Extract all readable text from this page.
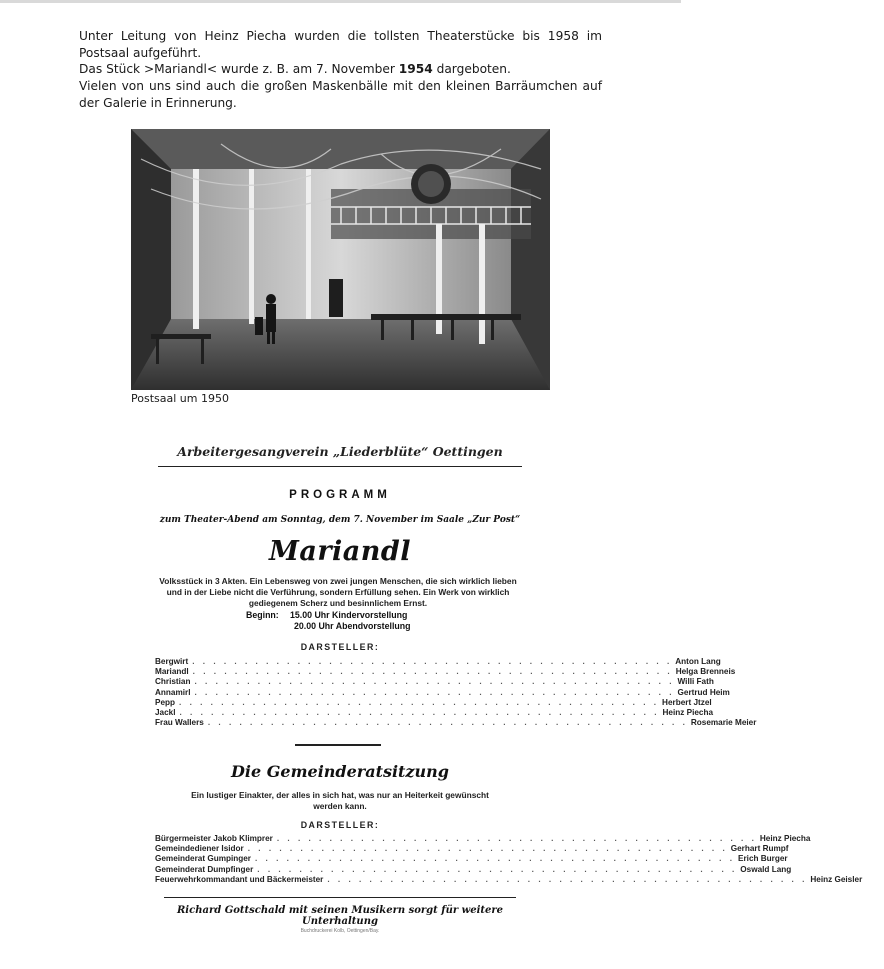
Unter Leitung von Heinz Piecha wurden die tollsten Theaterstücke bis 1958 im Postsaal aufgeführt.

Das Stück >Mariandl< wurde z. B. am 7. November 1954 dargeboten.

Vielen von uns sind auch die großen Maskenbälle mit den kleinen Barräumchen auf der Galerie in Erinnerung.

Postsaal um 1950
Arbeitergesangverein „Liederblüte“ Oettingen
PROGRAMM
zum Theater-Abend am Sonntag, dem 7. November im Saale „Zur Post“
Mariandl
Volksstück in 3 Akten. Ein Lebensweg von zwei jungen Menschen, die sich wirklich lieben und in der Liebe nicht die Verführung, sondern Erfüllung sehen. Ein Werk von wirklich gediegenem Scherz und besinnlichem Ernst.
Beginn: 15.00 Uhr Kindervorstellung
20.00 Uhr Abendvorstellung
DARSTELLER:
Bergwirt . . . . . . . . . . . . . . . . . . . . . . . . . . . . . . . . . . . . . . . . . . . . . . Anton Lang
Mariandl . . . . . . . . . . . . . . . . . . . . . . . . . . . . . . . . . . . . . . . . . . . . . . Helga Brenneis
Christian . . . . . . . . . . . . . . . . . . . . . . . . . . . . . . . . . . . . . . . . . . . . . . Willi Fath
Annamirl . . . . . . . . . . . . . . . . . . . . . . . . . . . . . . . . . . . . . . . . . . . . . . Gertrud Heim
Pepp . . . . . . . . . . . . . . . . . . . . . . . . . . . . . . . . . . . . . . . . . . . . . . Herbert Jtzel
Jackl . . . . . . . . . . . . . . . . . . . . . . . . . . . . . . . . . . . . . . . . . . . . . . Heinz Piecha
Frau Wallers . . . . . . . . . . . . . . . . . . . . . . . . . . . . . . . . . . . . . . . . . . . . . . Rosemarie Meier
Die Gemeinderatsitzung
Ein lustiger Einakter, der alles in sich hat, was nur an Heiterkeit gewünscht werden kann.
DARSTELLER:
Bürgermeister Jakob Klimprer . . . . . . . . . . . . . . . . . . . . . . . . . . . . . . . . . . . . . . . . . . . . . . Heinz Piecha
Gemeindediener Isidor . . . . . . . . . . . . . . . . . . . . . . . . . . . . . . . . . . . . . . . . . . . . . . Gerhart Rumpf
Gemeinderat Gumpinger . . . . . . . . . . . . . . . . . . . . . . . . . . . . . . . . . . . . . . . . . . . . . . Erich Burger
Gemeinderat Dumpfinger . . . . . . . . . . . . . . . . . . . . . . . . . . . . . . . . . . . . . . . . . . . . . . Oswald Lang
Feuerwehrkommandant und Bäckermeister . . . . . . . . . . . . . . . . . . . . . . . . . . . . . . . . . . . . . . . . . . . . . . Heinz Geisler
Richard Gottschald mit seinen Musikern sorgt für weitere Unterhaltung
Buchdruckerei Kolb, Oettingen/Bay.
